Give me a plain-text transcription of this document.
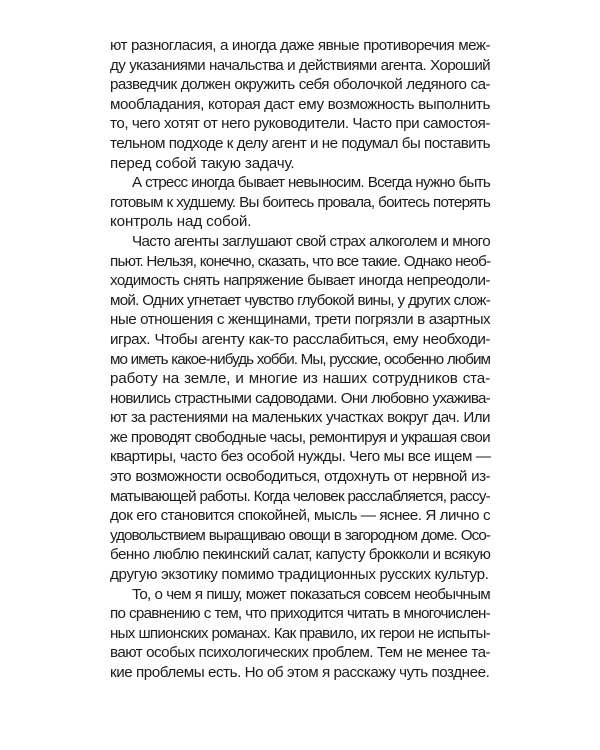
ют разногласия, а иногда даже явные противоречия меж-
ду указаниями начальства и действиями агента. Хороший
разведчик должен окружить себя оболочкой ледяного са-
мообладания, которая даст ему возможность выполнить
то, чего хотят от него руководители. Часто при самостоя-
тельном подходе к делу агент и не подумал бы поставить
перед собой такую задачу.
А стресс иногда бывает невыносим. Всегда нужно быть
готовым к худшему. Вы боитесь провала, боитесь потерять
контроль над собой.
Часто агенты заглушают свой страх алкоголем и много
пьют. Нельзя, конечно, сказать, что все такие. Однако необ-
ходимость снять напряжение бывает иногда непреодоли-
мой. Одних угнетает чувство глубокой вины, у других слож-
ные отношения с женщинами, трети погрязли в азартных
играх. Чтобы агенту как-то расслабиться, ему необходи-
мо иметь какое-нибудь хобби. Мы, русские, особенно любим
работу на земле, и многие из наших сотрудников ста-
новились страстными садоводами. Они любовно ухажива-
ют за растениями на маленьких участках вокруг дач. Или
же проводят свободные часы, ремонтируя и украшая свои
квартиры, часто без особой нужды. Чего мы все ищем —
это возможности освободиться, отдохнуть от нервной из-
матывающей работы. Когда человек расслабляется, рассу-
док его становится спокойней, мысль — яснее. Я лично с
удовольствием выращиваю овощи в загородном доме. Осо-
бенно люблю пекинский салат, капусту брокколи и всякую
другую экзотику помимо традиционных русских культур.
То, о чем я пишу, может показаться совсем необычным
по сравнению с тем, что приходится читать в многочислен-
ных шпионских романах. Как правило, их герои не испыты-
вают особых психологических проблем. Тем не менее та-
кие проблемы есть. Но об этом я расскажу чуть позднее.
